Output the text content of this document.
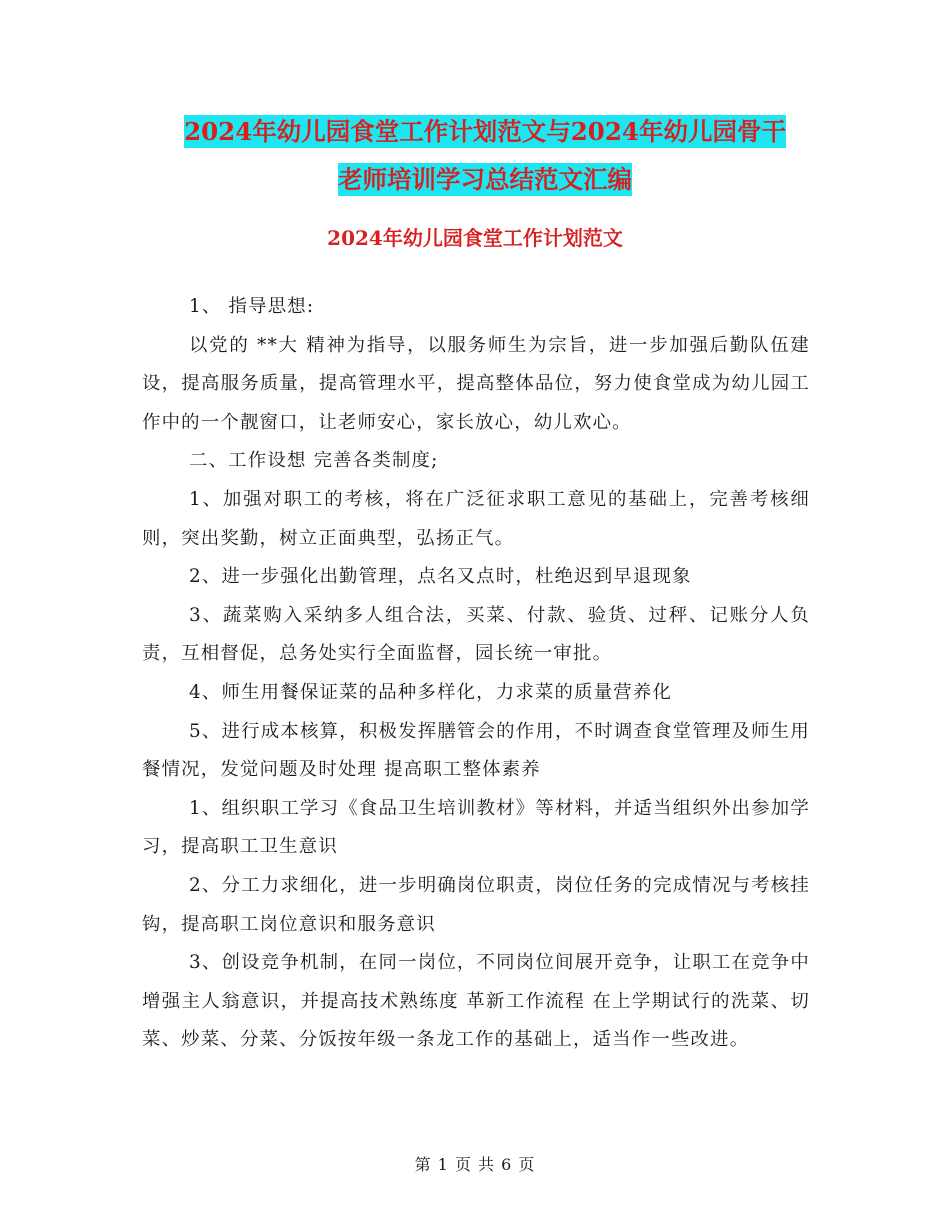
2024年幼儿园食堂工作计划范文与2024年幼儿园骨干
老师培训学习总结范文汇编
2024年幼儿园食堂工作计划范文

1、 指导思想:

以党的 **大 精神为指导，以服务师生为宗旨，进一步加强后勤队伍建设，提高服务质量，提高管理水平，提高整体品位，努力使食堂成为幼儿园工作中的一个靓窗口，让老师安心，家长放心，幼儿欢心。

二、工作设想 完善各类制度;

1、加强对职工的考核，将在广泛征求职工意见的基础上，完善考核细则，突出奖勤，树立正面典型，弘扬正气。

2、进一步强化出勤管理，点名又点时，杜绝迟到早退现象

3、蔬菜购入采纳多人组合法，买菜、付款、验货、过秤、记账分人负责，互相督促，总务处实行全面监督，园长统一审批。

4、师生用餐保证菜的品种多样化，力求菜的质量营养化

5、进行成本核算，积极发挥膳管会的作用，不时调查食堂管理及师生用餐情况，发觉问题及时处理 提高职工整体素养

1、组织职工学习《食品卫生培训教材》等材料，并适当组织外出参加学习，提高职工卫生意识

2、分工力求细化，进一步明确岗位职责，岗位任务的完成情况与考核挂钩，提高职工岗位意识和服务意识

3、创设竞争机制，在同一岗位，不同岗位间展开竞争，让职工在竞争中增强主人翁意识，并提高技术熟练度 革新工作流程 在上学期试行的洗菜、切菜、炒菜、分菜、分饭按年级一条龙工作的基础上，适当作一些改进。

第 1 页 共 6 页
